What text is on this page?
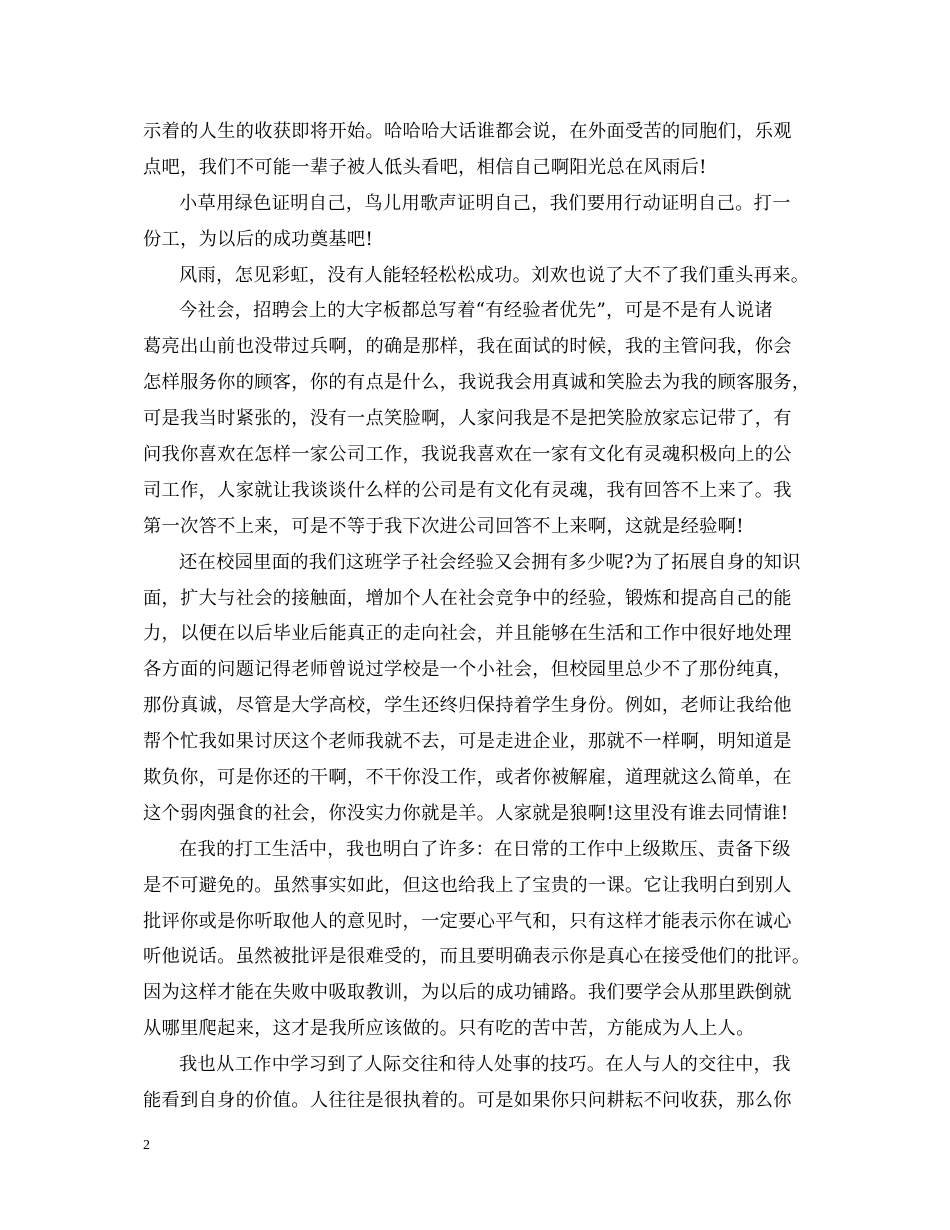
示着的人生的收获即将开始。哈哈哈大话谁都会说，在外面受苦的同胞们，乐观
点吧，我们不可能一辈子被人低头看吧，相信自己啊阳光总在风雨后!
小草用绿色证明自己，鸟儿用歌声证明自己，我们要用行动证明自己。打一
份工，为以后的成功奠基吧!
风雨，怎见彩虹，没有人能轻轻松松成功。刘欢也说了大不了我们重头再来。
今社会，招聘会上的大字板都总写着“有经验者优先”，可是不是有人说诸
葛亮出山前也没带过兵啊，的确是那样，我在面试的时候，我的主管问我，你会
怎样服务你的顾客，你的有点是什么，我说我会用真诚和笑脸去为我的顾客服务，
可是我当时紧张的，没有一点笑脸啊，人家问我是不是把笑脸放家忘记带了，有
问我你喜欢在怎样一家公司工作，我说我喜欢在一家有文化有灵魂积极向上的公
司工作，人家就让我谈谈什么样的公司是有文化有灵魂，我有回答不上来了。我
第一次答不上来，可是不等于我下次进公司回答不上来啊，这就是经验啊!
还在校园里面的我们这班学子社会经验又会拥有多少呢?为了拓展自身的知识
面，扩大与社会的接触面，增加个人在社会竞争中的经验，锻炼和提高自己的能
力，以便在以后毕业后能真正的走向社会，并且能够在生活和工作中很好地处理
各方面的问题记得老师曾说过学校是一个小社会，但校园里总少不了那份纯真，
那份真诚，尽管是大学高校，学生还终归保持着学生身份。例如，老师让我给他
帮个忙我如果讨厌这个老师我就不去，可是走进企业，那就不一样啊，明知道是
欺负你，可是你还的干啊，不干你没工作，或者你被解雇，道理就这么简单，在
这个弱肉强食的社会，你没实力你就是羊。人家就是狼啊!这里没有谁去同情谁!
在我的打工生活中，我也明白了许多：在日常的工作中上级欺压、责备下级
是不可避免的。虽然事实如此，但这也给我上了宝贵的一课。它让我明白到别人
批评你或是你听取他人的意见时，一定要心平气和，只有这样才能表示你在诚心
听他说话。虽然被批评是很难受的，而且要明确表示你是真心在接受他们的批评。
因为这样才能在失败中吸取教训，为以后的成功铺路。我们要学会从那里跌倒就
从哪里爬起来，这才是我所应该做的。只有吃的苦中苦，方能成为人上人。
我也从工作中学习到了人际交往和待人处事的技巧。在人与人的交往中，我
能看到自身的价值。人往往是很执着的。可是如果你只问耕耘不问收获，那么你
2
